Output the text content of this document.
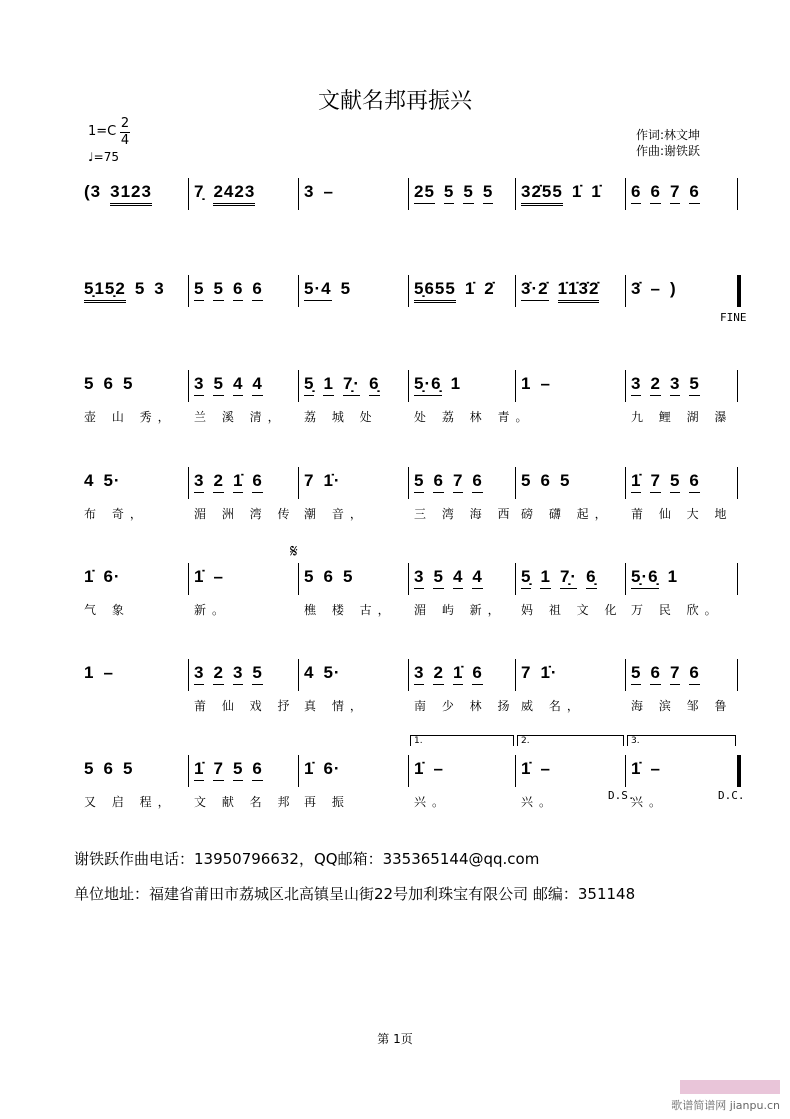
文献名邦再振兴
1=C
2
4
♩=75
作词:林文坤
作曲:谢铁跃
(3 3123	7̣ 2423	3 –	25 5 5 5	32̇55 1̇ 1̇	6 6 7 6
5̣15̣2 5 3	5 5 6 6	5·4 5	5̣655 1̇ 2̇	3̇·2̇ 1̇1̇3̇2̇	3̇ – )
FINE
5 6 5
壶 山 秀，
3 5 4 4
兰 溪 清，
5̣ 1 7̣· 6̣
荔 城 处
5̣·6̣ 1
处 荔 林 青。
1 –	3 2 3 5
九 鲤 湖 瀑
4 5·
布 奇，
3 2 1̇ 6
湄 洲 湾 传
7 1̇·
潮 音，
5 6 7 6
三 湾 海 西
5 6 5
磅 礴 起，
1̇ 7 5 6
莆 仙 大 地
1̇ 6·
气 象
1̇ –
新。
5 6 5
樵 楼 古，
3 5 4 4
湄 屿 新，
5̣ 1 7̣· 6̣
妈 祖 文 化
5̣·6̣ 1
万 民 欣。
𝄋
1 –	3 2 3 5
莆 仙 戏 抒
4 5·
真 情，
3 2 1̇ 6
南 少 林 扬
7 1̇·
威 名，
5 6 7 6
海 滨 邹 鲁
5 6 5
又 启 程，
1̇ 7 5 6
文 献 名 邦
1̇ 6·
再 振
1̇ –
兴。
1̇ –
兴。
1̇ –
兴。
1.	2.	3.
D.S.	D.C.
谢铁跃作曲电话：13950796632，QQ邮箱：335365144@qq.com
单位地址：福建省莆田市荔城区北高镇呈山街22号加利珠宝有限公司 邮编：351148
第 1页
歌谱简谱网 jianpu.cn
